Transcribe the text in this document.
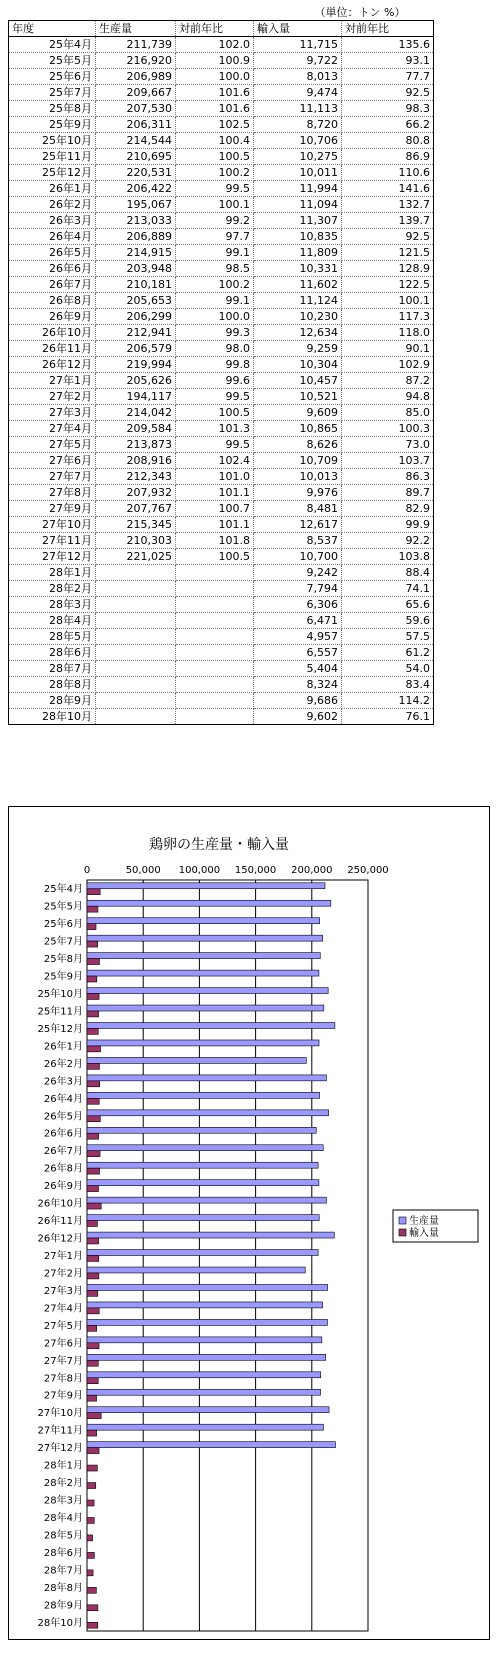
（単位：トン %）
年度	生産量	対前年比	輸入量	対前年比
25年4月	211,739	102.0	11,715	135.6
25年5月	216,920	100.9	9,722	93.1
25年6月	206,989	100.0	8,013	77.7
25年7月	209,667	101.6	9,474	92.5
25年8月	207,530	101.6	11,113	98.3
25年9月	206,311	102.5	8,720	66.2
25年10月	214,544	100.4	10,706	80.8
25年11月	210,695	100.5	10,275	86.9
25年12月	220,531	100.2	10,011	110.6
26年1月	206,422	99.5	11,994	141.6
26年2月	195,067	100.1	11,094	132.7
26年3月	213,033	99.2	11,307	139.7
26年4月	206,889	97.7	10,835	92.5
26年5月	214,915	99.1	11,809	121.5
26年6月	203,948	98.5	10,331	128.9
26年7月	210,181	100.2	11,602	122.5
26年8月	205,653	99.1	11,124	100.1
26年9月	206,299	100.0	10,230	117.3
26年10月	212,941	99.3	12,634	118.0
26年11月	206,579	98.0	9,259	90.1
26年12月	219,994	99.8	10,304	102.9
27年1月	205,626	99.6	10,457	87.2
27年2月	194,117	99.5	10,521	94.8
27年3月	214,042	100.5	9,609	85.0
27年4月	209,584	101.3	10,865	100.3
27年5月	213,873	99.5	8,626	73.0
27年6月	208,916	102.4	10,709	103.7
27年7月	212,343	101.0	10,013	86.3
27年8月	207,932	101.1	9,976	89.7
27年9月	207,767	100.7	8,481	82.9
27年10月	215,345	101.1	12,617	99.9
27年11月	210,303	101.8	8,537	92.2
27年12月	221,025	100.5	10,700	103.8
28年1月			9,242	88.4
28年2月			7,794	74.1
28年3月			6,306	65.6
28年4月			6,471	59.6
28年5月			4,957	57.5
28年6月			6,557	61.2
28年7月			5,404	54.0
28年8月			8,324	83.4
28年9月			9,686	114.2
28年10月			9,602	76.1
鶏卵の生産量・輸入量
0	50,000 100,000 150,000 200,000 250,000
25年4月
25年5月
25年6月
25年7月
25年8月
25年9月
25年10月
25年11月
25年12月
26年1月
26年2月
26年3月
26年4月
26年5月
26年6月
26年7月
26年8月
26年9月
26年10月
26年11月
26年12月
27年1月
27年2月
27年3月
27年4月
27年5月
27年6月
27年7月
27年8月
27年9月
27年10月
27年11月
27年12月
28年1月
28年2月
28年3月
28年4月
28年5月
28年6月
28年7月
28年8月
28年9月
28年10月
生産量
輸入量
